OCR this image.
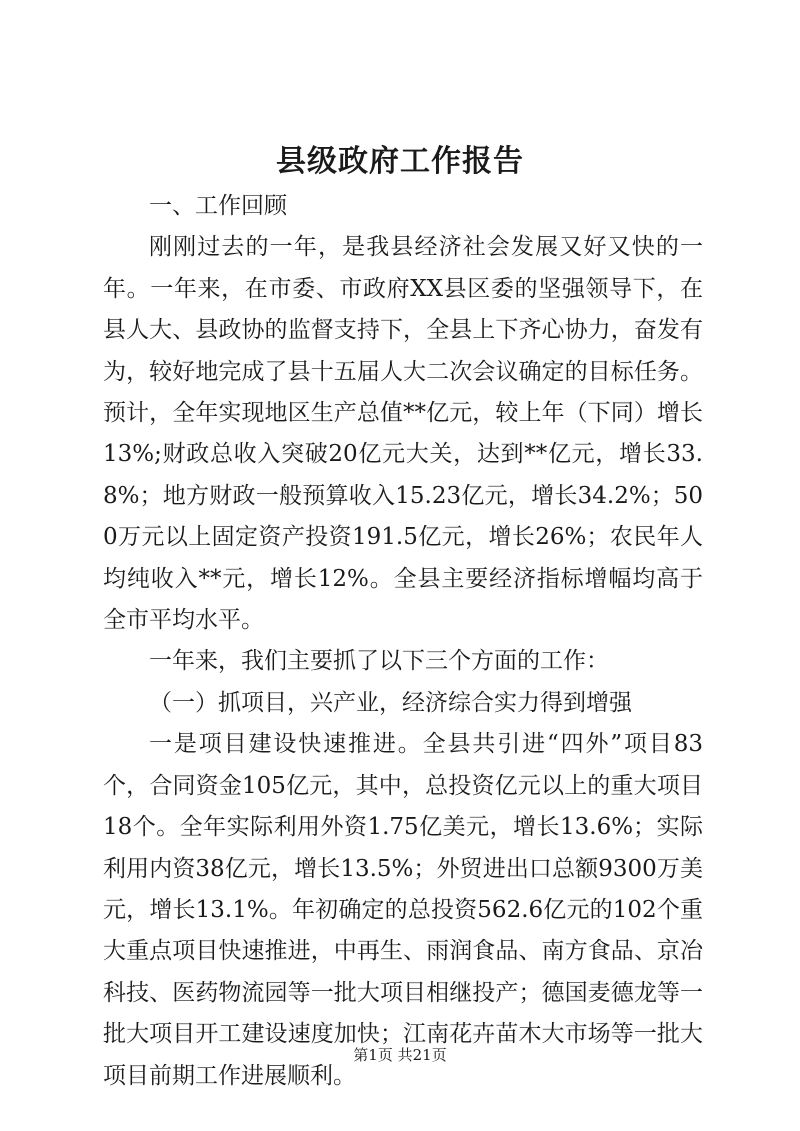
县级政府工作报告

一、工作回顾

刚刚过去的一年，是我县经济社会发展又好又快的一年。一年来，在市委、市政府XX县区委的坚强领导下，在县人大、县政协的监督支持下，全县上下齐心协力，奋发有为，较好地完成了县十五届人大二次会议确定的目标任务。预计，全年实现地区生产总值**亿元，较上年（下同）增长13%;财政总收入突破20亿元大关，达到**亿元，增长33.8%；地方财政一般预算收入15.23亿元，增长34.2%；500万元以上固定资产投资191.5亿元，增长26%；农民年人均纯收入**元，增长12%。全县主要经济指标增幅均高于全市平均水平。

一年来，我们主要抓了以下三个方面的工作：

（一）抓项目，兴产业，经济综合实力得到增强

一是项目建设快速推进。全县共引进“四外”项目83个，合同资金105亿元，其中，总投资亿元以上的重大项目18个。全年实际利用外资1.75亿美元，增长13.6%；实际利用内资38亿元，增长13.5%；外贸进出口总额9300万美元，增长13.1%。年初确定的总投资562.6亿元的102个重大重点项目快速推进，中再生、雨润食品、南方食品、京冶科技、医药物流园等一批大项目相继投产；德国麦德龙等一批大项目开工建设速度加快；江南花卉苗木大市场等一批大项目前期工作进展顺利。

第1页 共21页
